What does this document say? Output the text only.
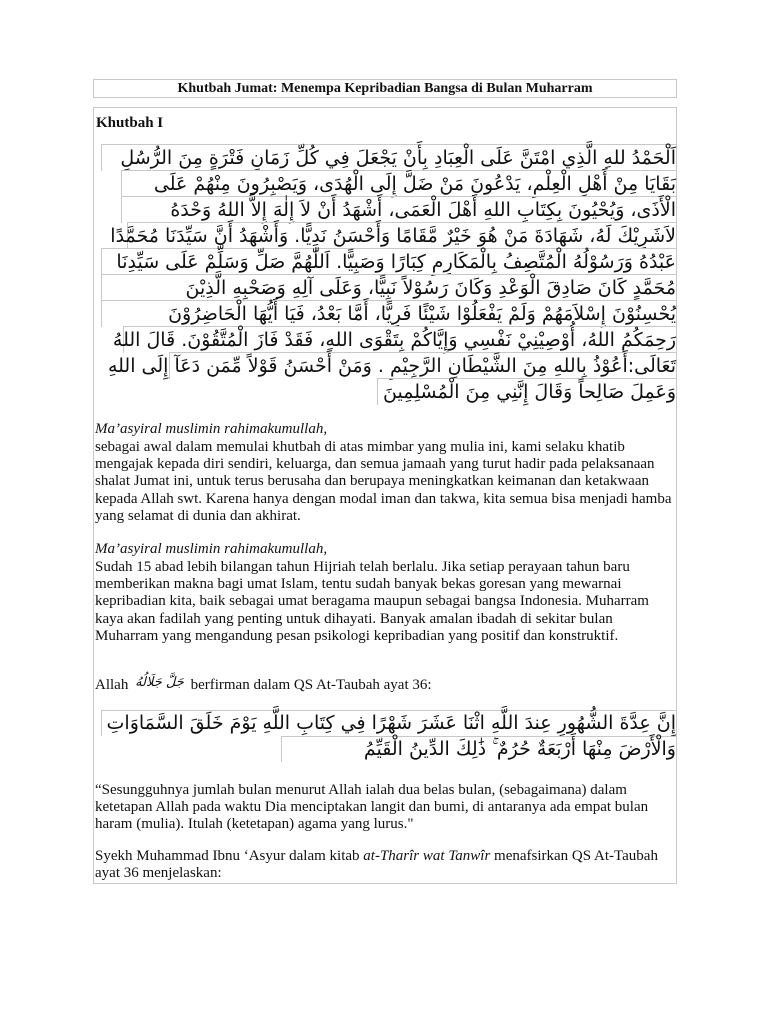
Khutbah Jumat: Menempa Kepribadian Bangsa di Bulan Muharram
Khutbah I
اَلْحَمْدُ للهِ الَّذِي امْتَنَّ عَلَى الْعِبَادِ بِأَنْ يَجْعَلَ فِي كُلِّ زَمَانِ فَتْرَةٍ مِنَ الرُّسُلِ
بَقَايَا مِنْ أَهْلِ الْعِلْمِ، يَدْعُونَ مَنْ ضَلَّ إِلَى الْهُدَى، وَيَصْبِرُونَ مِنْهُمْ عَلَى
الْأَذَى، وَيُحْيُونَ بِكِتَابِ اللهِ أَهْلَ الْعَمَى، أَشْهَدُ أَنْ لاَ إِلٰهَ إِلاَّ اللهُ وَحْدَهُ
لاَشَرِيْكَ لَهُ، شَهَادَةَ مَنْ هُوَ خَيْرٌ مَّقَامًا وَأَحْسَنُ نَدِيًّا. وَأَشْهَدُ أَنَّ سَيِّدَنَا مُحَمَّدًا
عَبْدُهُ وَرَسُوْلُهُ الْمُتَّصِفُ بِالْمَكَارِمِ كِبَارًا وَصَبِيًّا. اَللّٰهُمَّ صَلِّ وَسَلِّمْ عَلَى سَيِّدِنَا
مُحَمَّدٍ كَانَ صَادِقَ الْوَعْدِ وَكَانَ رَسُوْلاً نَبِيًّا، وَعَلَى آلِهِ وَصَحْبِهِ الَّذِيْنَ
يُحْسِنُوْنَ إِسْلاَمَهُمْ وَلَمْ يَفْعَلُوْا شَيْئًا فَرِيًّا، أَمَّا بَعْدُ، فَيَا أَيُّهَا الْحَاضِرُوْنَ
رَحِمَكُمُ اللهُ، أُوْصِيْنِيْ نَفْسِي وَإِيَّاكُمْ بِتَقْوَى اللهِ، فَقَدْ فَازَ الْمُتَّقُوْنَ. قَالَ اللهُ
تَعَالَى:أَعُوْذُ بِاللهِ مِنَ الشَّيْطَانِ الرَّجِيْمِ . وَمَنْ أَحْسَنُ قَوْلاً مِّمَن دَعَآ إِلَى اللهِ
وَعَمِلَ صَالِحاً وَقَالَ إِنَّنِي مِنَ الْمُسْلِمِينَ
Ma’asyiral muslimin rahimakumullah,
sebagai awal dalam memulai khutbah di atas mimbar yang mulia ini, kami selaku khatib mengajak kepada diri sendiri, keluarga, dan semua jamaah yang turut hadir pada pelaksanaan shalat Jumat ini, untuk terus berusaha dan berupaya meningkatkan keimanan dan ketakwaan kepada Allah swt. Karena hanya dengan modal iman dan takwa, kita semua bisa menjadi hamba yang selamat di dunia dan akhirat.
Ma’asyiral muslimin rahimakumullah,
Sudah 15 abad lebih bilangan tahun Hijriah telah berlalu. Jika setiap perayaan tahun baru memberikan makna bagi umat Islam, tentu sudah banyak bekas goresan yang mewarnai kepribadian kita, baik sebagai umat beragama maupun sebagai bangsa Indonesia. Muharram kaya akan fadilah yang penting untuk dihayati. Banyak amalan ibadah di sekitar bulan Muharram yang mengandung pesan psikologi kepribadian yang positif dan konstruktif.
Allah جَلَّ جَلَالُهُ berfirman dalam QS At-Taubah ayat 36:
إِنَّ عِدَّةَ الشُّهُورِ عِندَ اللَّهِ اثْنَا عَشَرَ شَهْرًا فِي كِتَابِ اللَّهِ يَوْمَ خَلَقَ السَّمَاوَاتِ
وَالْأَرْضَ مِنْهَا أَرْبَعَةٌ حُرُمٌ ۚ ذَٰلِكَ الدِّينُ الْقَيِّمُ
“Sesungguhnya jumlah bulan menurut Allah ialah dua belas bulan, (sebagaimana) dalam ketetapan Allah pada waktu Dia menciptakan langit dan bumi, di antaranya ada empat bulan haram (mulia). Itulah (ketetapan) agama yang lurus."
Syekh Muhammad Ibnu ‘Asyur dalam kitab at-Tharîr wat Tanwîr menafsirkan QS At-Taubah ayat 36 menjelaskan:
